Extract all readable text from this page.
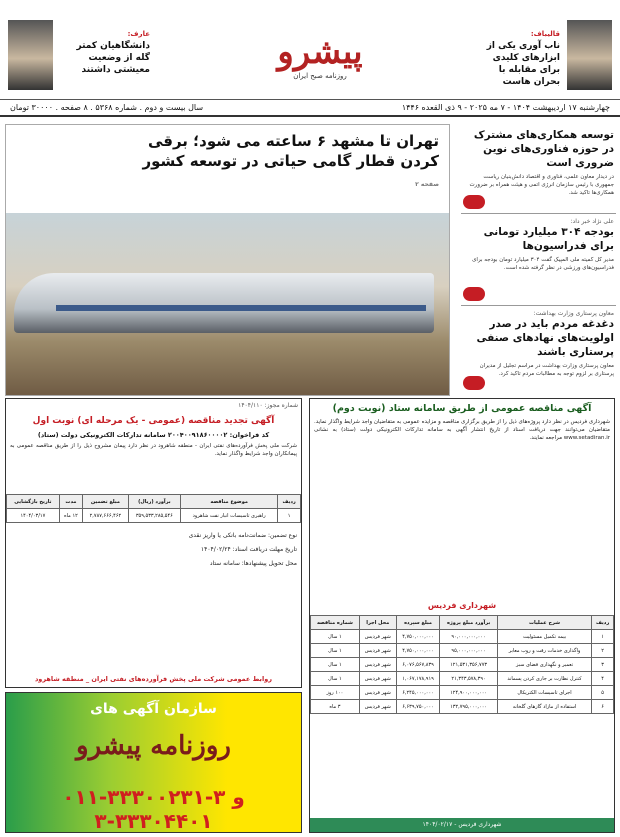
قالیباف:
ناب آوری یکی از ابزارهای کلیدی برای مقابله با بحران هاست
پیشرو
روزنامه صبح ایران
عارف:
دانشگاهیان کمتر گله از وضعیت معیشتی داشتند
چهارشنبه ۱۷ اردیبهشت ۱۴۰۴ - ۷ مه ۲۰۲۵ - ۹ ذی القعده ۱۴۴۶
سال بیست و دوم . شماره ۵۳۶۸ . ۸ صفحه . ۳۰۰۰۰ تومان
توسعه همکاری‌های مشترک در حوزه فناوری‌های نوین ضروری است
در دیدار معاون علمی، فناوری و اقتصاد دانش‌بنیان ریاست جمهوری با رئیس سازمان انرژی اتمی و هیئت همراه بر ضرورت همکاری‌ها تاکید شد.
علی نژاد خبر داد:
بودجه ۳۰۴ میلیارد تومانی برای فدراسیون‌ها
مدیر کل کمیته ملی المپیک گفت ۳۰۴ میلیارد تومان بودجه برای فدراسیون‌های ورزشی در نظر گرفته شده است.
معاون پرستاری وزارت بهداشت:
دغدغه مردم باید در صدر اولویت‌های نهادهای صنفی پرستاری باشند
معاون پرستاری وزارت بهداشت در مراسم تجلیل از مدیران پرستاری بر لزوم توجه به مطالبات مردم تاکید کرد.
تهران تا مشهد ۶ ساعته می شود؛ برقی کردن قطار گامی حیاتی در توسعه کشور صفحه ۲
آگهی مناقصه عمومی از طریق سامانه ستاد (نوبت دوم)
شهرداری فردیس در نظر دارد پروژه‌های ذیل را از طریق برگزاری مناقصه و مزایده عمومی به متقاضیان واجد شرایط واگذار نماید. متقاضیان می‌توانند جهت دریافت اسناد از تاریخ انتشار آگهی به سامانه تدارکات الکترونیکی دولت (ستاد) به نشانی www.setadiran.ir مراجعه نمایند.
شهرداری فردیس
ردیف	شرح عملیات	برآورد مبلغ پروژه	مبلغ سپرده	محل اجرا	شماره مناقصه
۱	بیمه تکمیل مسئولیت	۹۰,۰۰۰,۰۰۰,۰۰۰	۴,۷۵۰,۰۰۰,۰۰۰	شهر فردیس	۱ سال
۲	واگذاری خدمات رفت و روب معابر	۹۵,۰۰۰,۰۰۰,۰۰۰	۴,۷۵۰,۰۰۰,۰۰۰	شهر فردیس	۱ سال
۳	تعمیر و نگهداری فضای سبز	۱۲۱,۵۳۱,۳۵۶,۷۷۳	۶,۰۷۶,۵۶۷,۸۳۹	شهر فردیس	۱ سال
۴	کنترل نظارت بر جاری کردن پسماند	۲۱,۳۴۳,۵۷۸,۳۹۰	۱,۰۶۷,۱۷۸,۹۱۹	شهر فردیس	۱ سال
۵	اجرای تاسیسات الکتریکال	۱۲۴,۹۰۰,۰۰۰,۰۰۰	۶,۲۴۵,۰۰۰,۰۰۰	شهر فردیس	۱۰۰ روز
۶	استفاده از مازاد گازهای گلخانه	۱۳۲,۷۹۵,۰۰۰,۰۰۰	۶,۶۳۹,۷۵۰,۰۰۰	شهر فردیس	۳ ماه
شهرداری فردیس - ۱۴۰۴/۰۲/۱۷
شماره مجوز: ۱۴۰۴/۱۱۰
آگهی تجدید مناقصه (عمومی - یک مرحله ای) نوبت اول
کد فراخوان: ۲۰۰۴۰۰۹۱۸۶۰۰۰۰۲ سامانه تدارکات الکترونیکی دولت (ستاد)
شرکت ملی پخش فرآورده‌های نفتی ایران - منطقه شاهرود در نظر دارد پیمان مشروح ذیل را از طریق مناقصه عمومی به پیمانکاران واجد شرایط واگذار نماید.
ردیف	موضوع مناقصه	برآورد (ریال)	مبلغ تضمین	مدت	تاریخ بازگشایی
۱	راهبری تاسیسات انبار نفت شاهرود	۳۵۹,۵۳۳,۲۸۵,۵۴۶	۲,۷۸۷,۶۶۶,۴۶۲	۱۲ ماه	۱۴۰۴/۰۳/۱۷
نوع تضمین: ضمانت‌نامه بانکی یا واریز نقدی
تاریخ مهلت دریافت اسناد: ۱۴۰۴/۰۲/۲۴
محل تحویل پیشنهادها: سامانه ستاد
روابط عمومی شرکت ملی پخش فرآورده‌های نفتی ایران _ منطقه شاهرود
سازمان آگهی های
روزنامه پیشرو
۰۱۱-۳۳۳۰۰۲۳۱-۳ و ۳۳۳۰۴۴۰۱-۳
